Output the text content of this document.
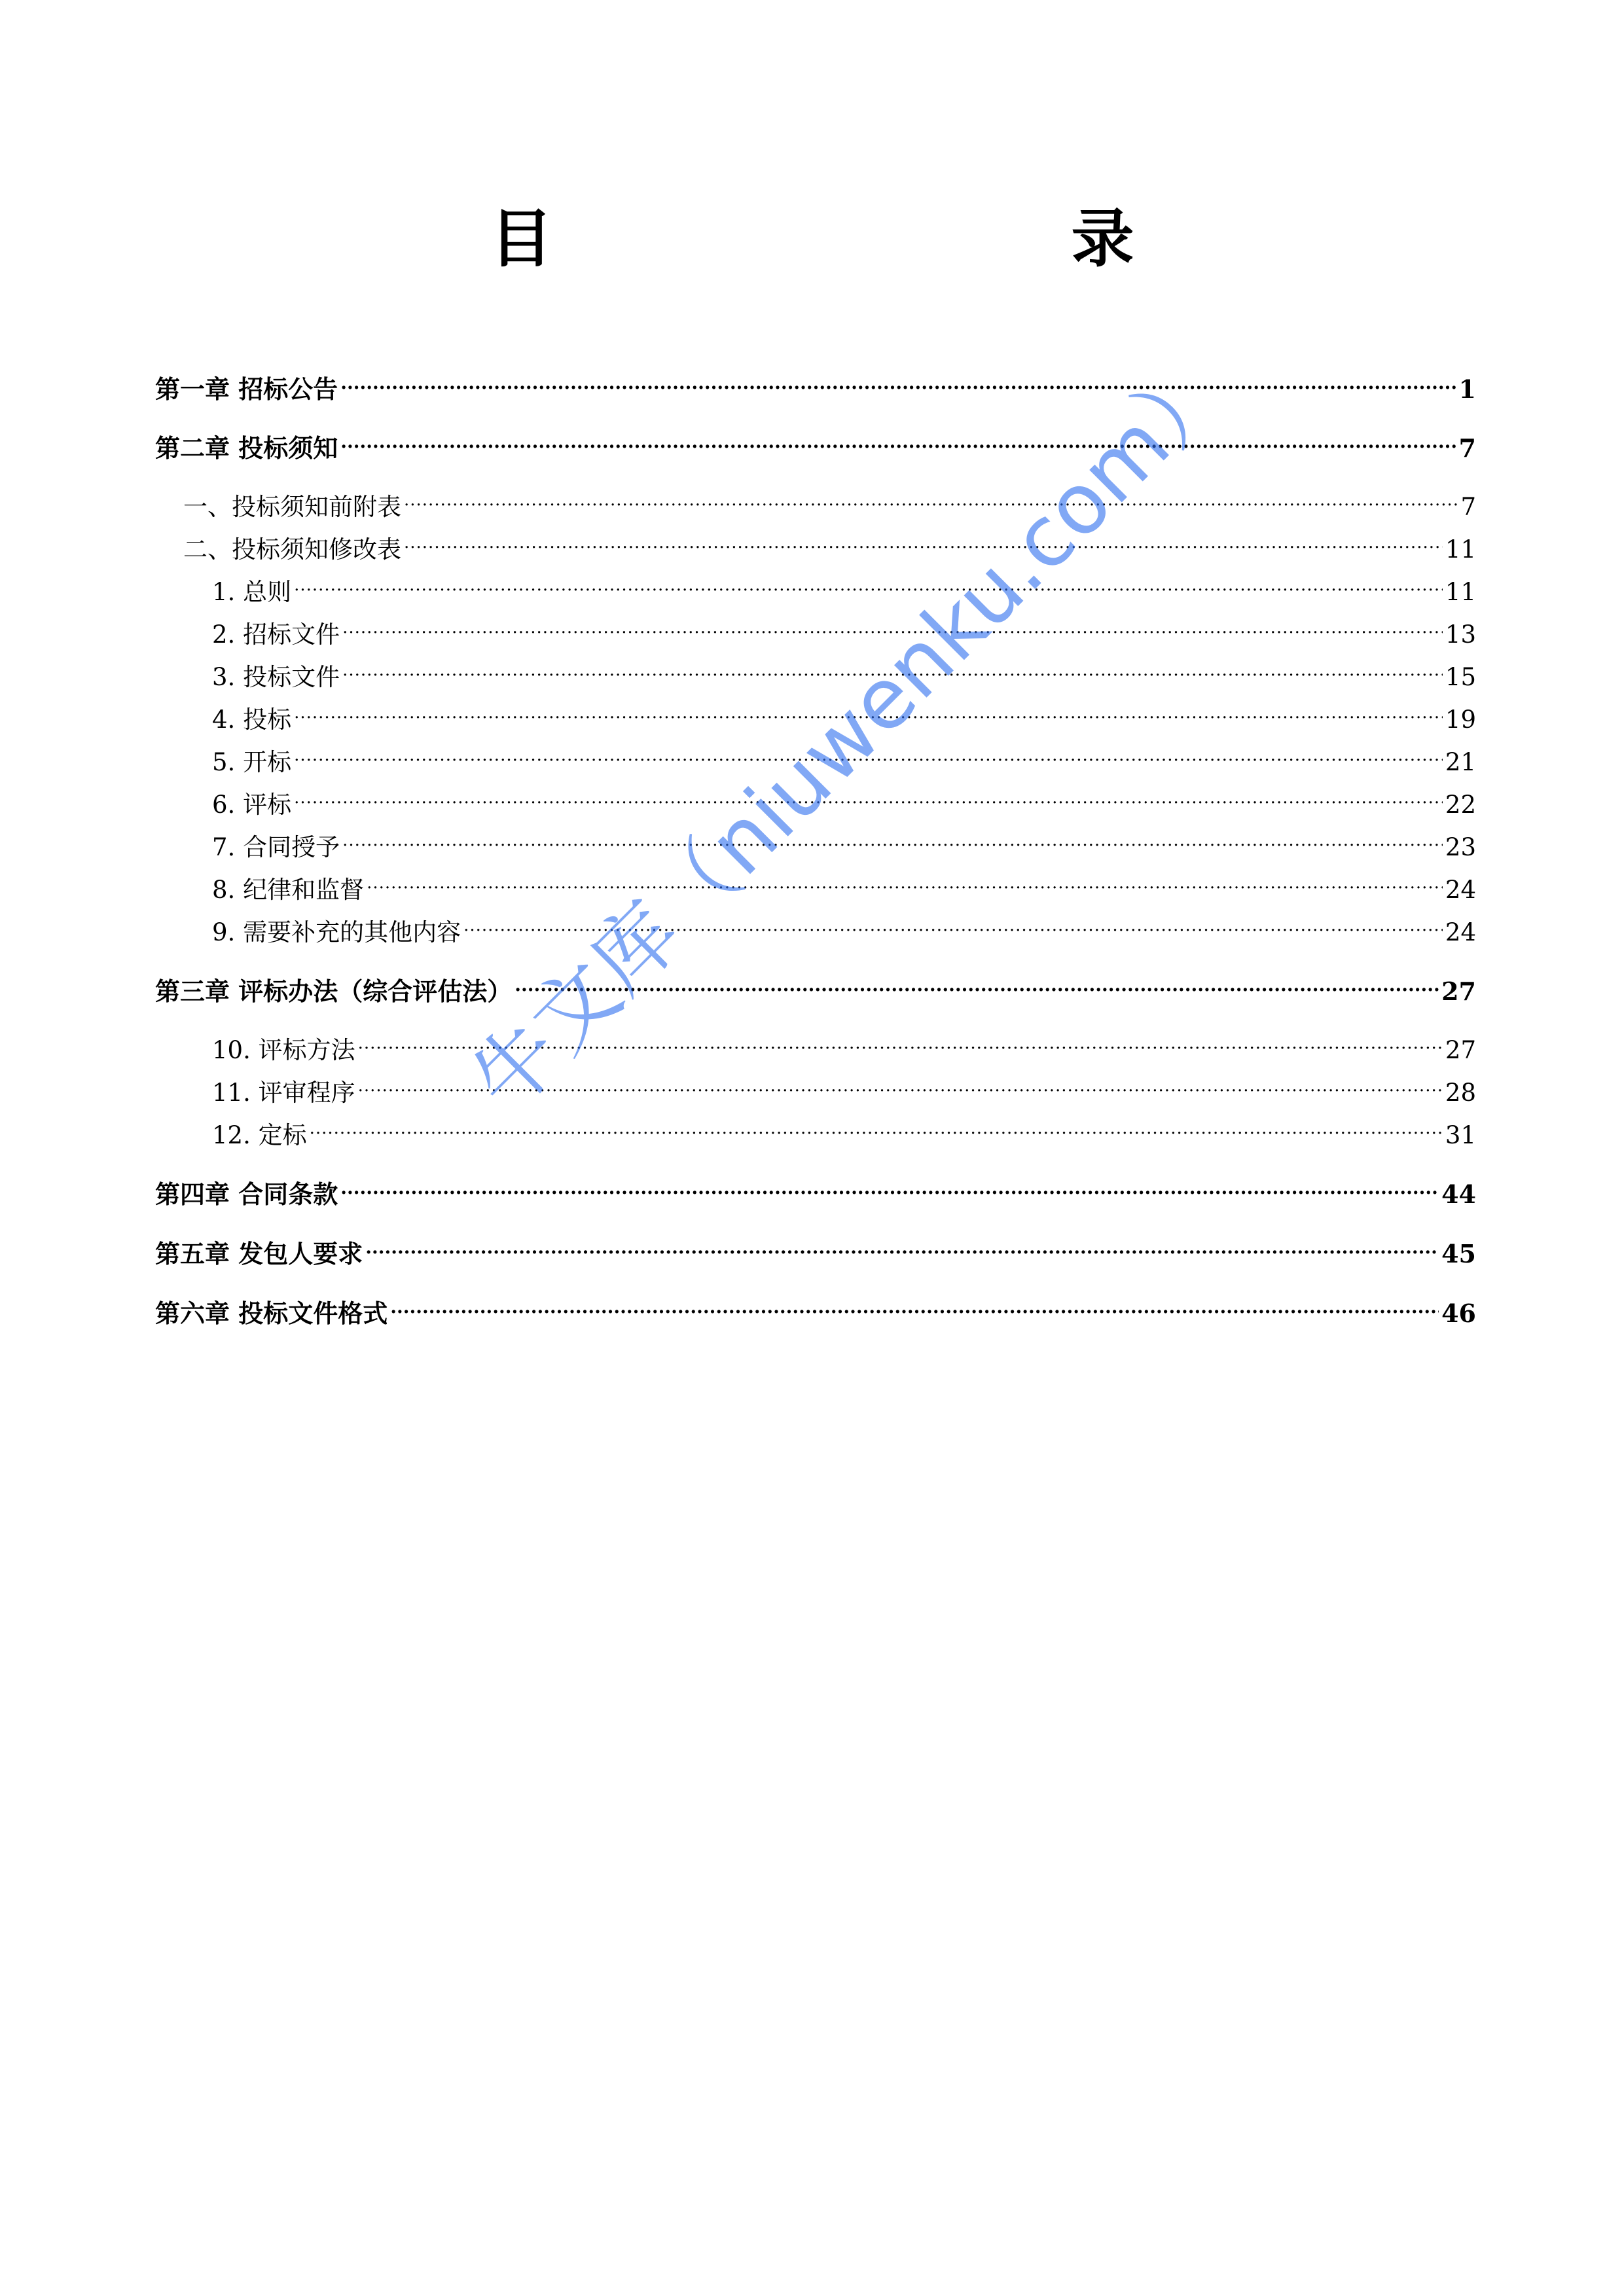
目　　录
第一章 招标公告 .....	1
第二章 投标须知 .....	7
一、投标须知前附表 .....	7
二、投标须知修改表 .....	11
1. 总则 .....	11
2. 招标文件 .....	13
3. 投标文件 .....	15
4. 投标 .....	19
5. 开标 .....	21
6. 评标 .....	22
7. 合同授予 .....	23
8. 纪律和监督 .....	24
9. 需要补充的其他内容 .....	24
第三章 评标办法（综合评估法） .....	27
10. 评标方法 .....	27
11. 评审程序 .....	28
12. 定标 .....	31
第四章 合同条款 .....	44
第五章 发包人要求 .....	45
第六章 投标文件格式 .....	46
牛文库（niuwenku.com）
